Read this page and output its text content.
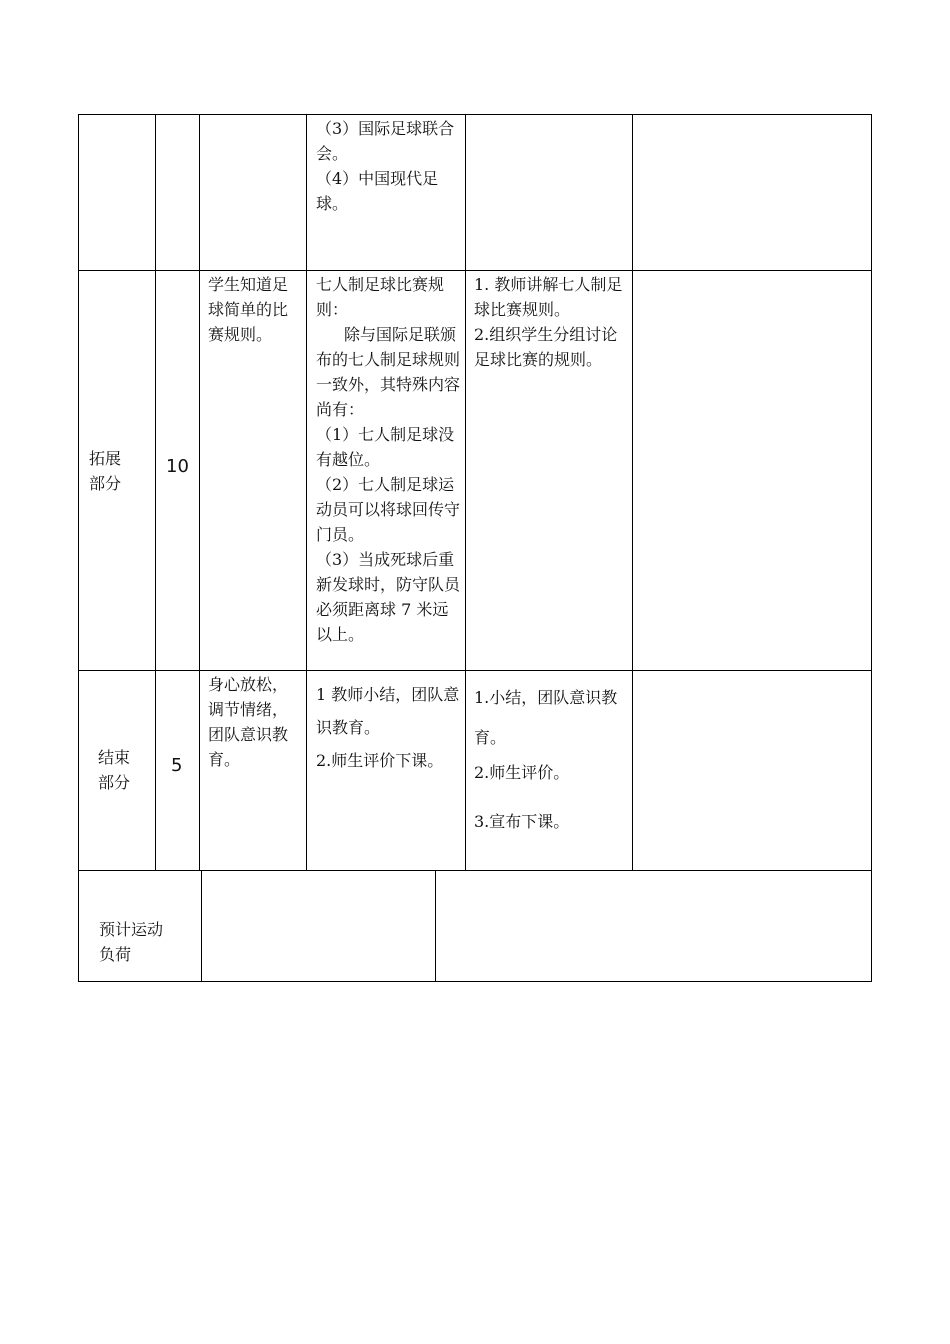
（3）国际足球联合会。

（4）中国现代足球。

拓展部分
10
学生知道足球简单的比赛规则。

七人制足球比赛规则：

除与国际足联颁布的七人制足球规则一致外，其特殊内容尚有：

（1）七人制足球没有越位。

（2）七人制足球运动员可以将球回传守门员。

（3）当成死球后重新发球时，防守队员必须距离球 7 米远以上。

1. 教师讲解七人制足球比赛规则。

2.组织学生分组讨论足球比赛的规则。

结束部分
5
身心放松，调节情绪，团队意识教育。

1 教师小结，团队意识教育。

2.师生评价下课。

1.小结，团队意识教育。

2.师生评价。

3.宣布下课。

预计运动负荷
